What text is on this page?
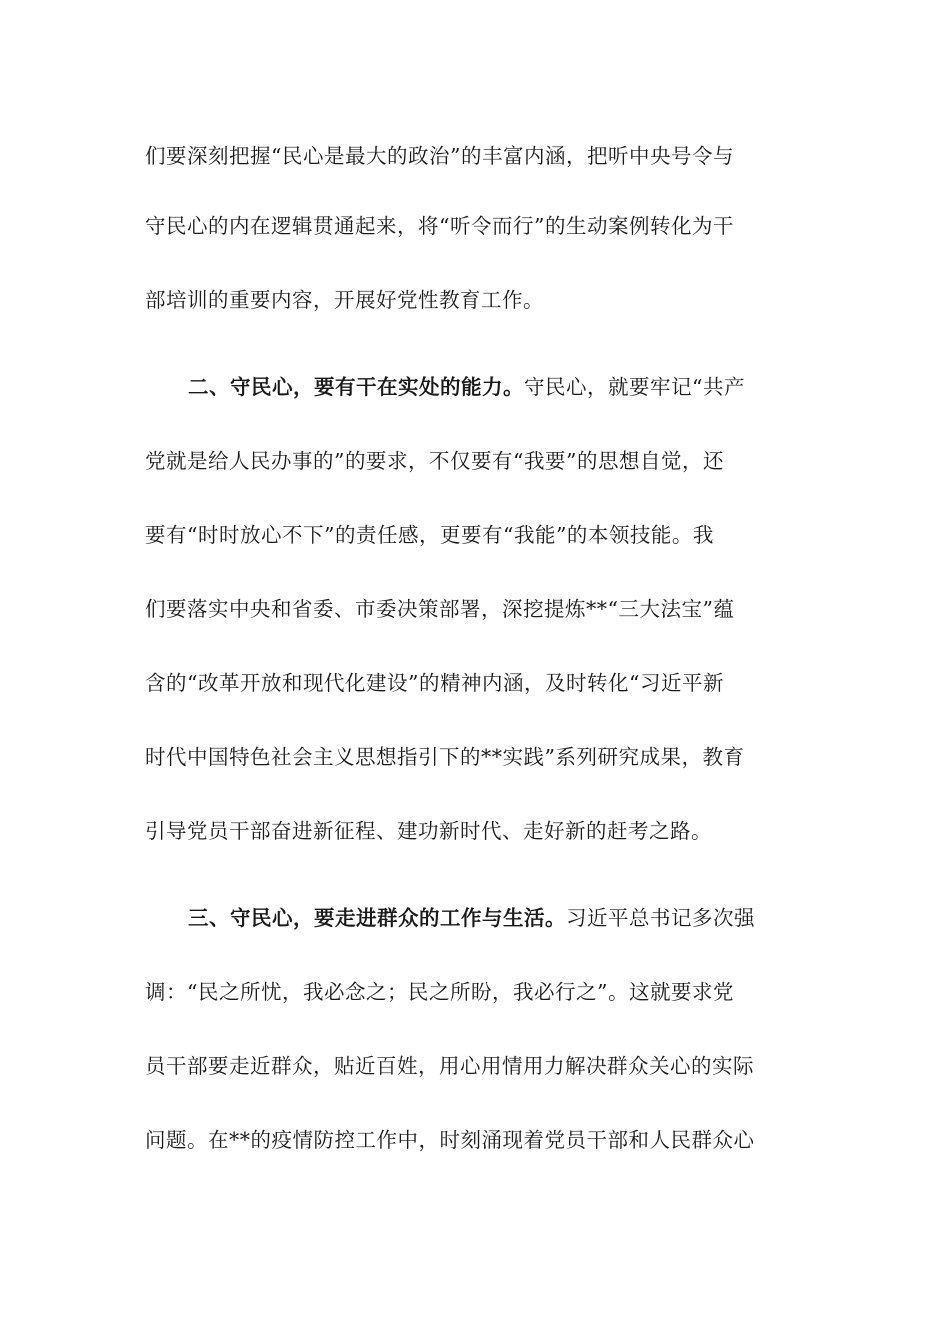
们要深刻把握“民心是最大的政治”的丰富内涵，把听中央号令与
守民心的内在逻辑贯通起来，将“听令而行”的生动案例转化为干
部培训的重要内容，开展好党性教育工作。
二、守民心，要有干在实处的能力。守民心，就要牢记“共产
党就是给人民办事的”的要求，不仅要有“我要”的思想自觉，还
要有“时时放心不下”的责任感，更要有“我能”的本领技能。我
们要落实中央和省委、市委决策部署，深挖提炼**“三大法宝”蕴
含的“改革开放和现代化建设”的精神内涵，及时转化“习近平新
时代中国特色社会主义思想指引下的**实践”系列研究成果，教育
引导党员干部奋进新征程、建功新时代、走好新的赶考之路。
三、守民心，要走进群众的工作与生活。习近平总书记多次强
调：“民之所忧，我必念之；民之所盼，我必行之”。这就要求党
员干部要走近群众，贴近百姓，用心用情用力解决群众关心的实际
问题。在**的疫情防控工作中，时刻涌现着党员干部和人民群众心
